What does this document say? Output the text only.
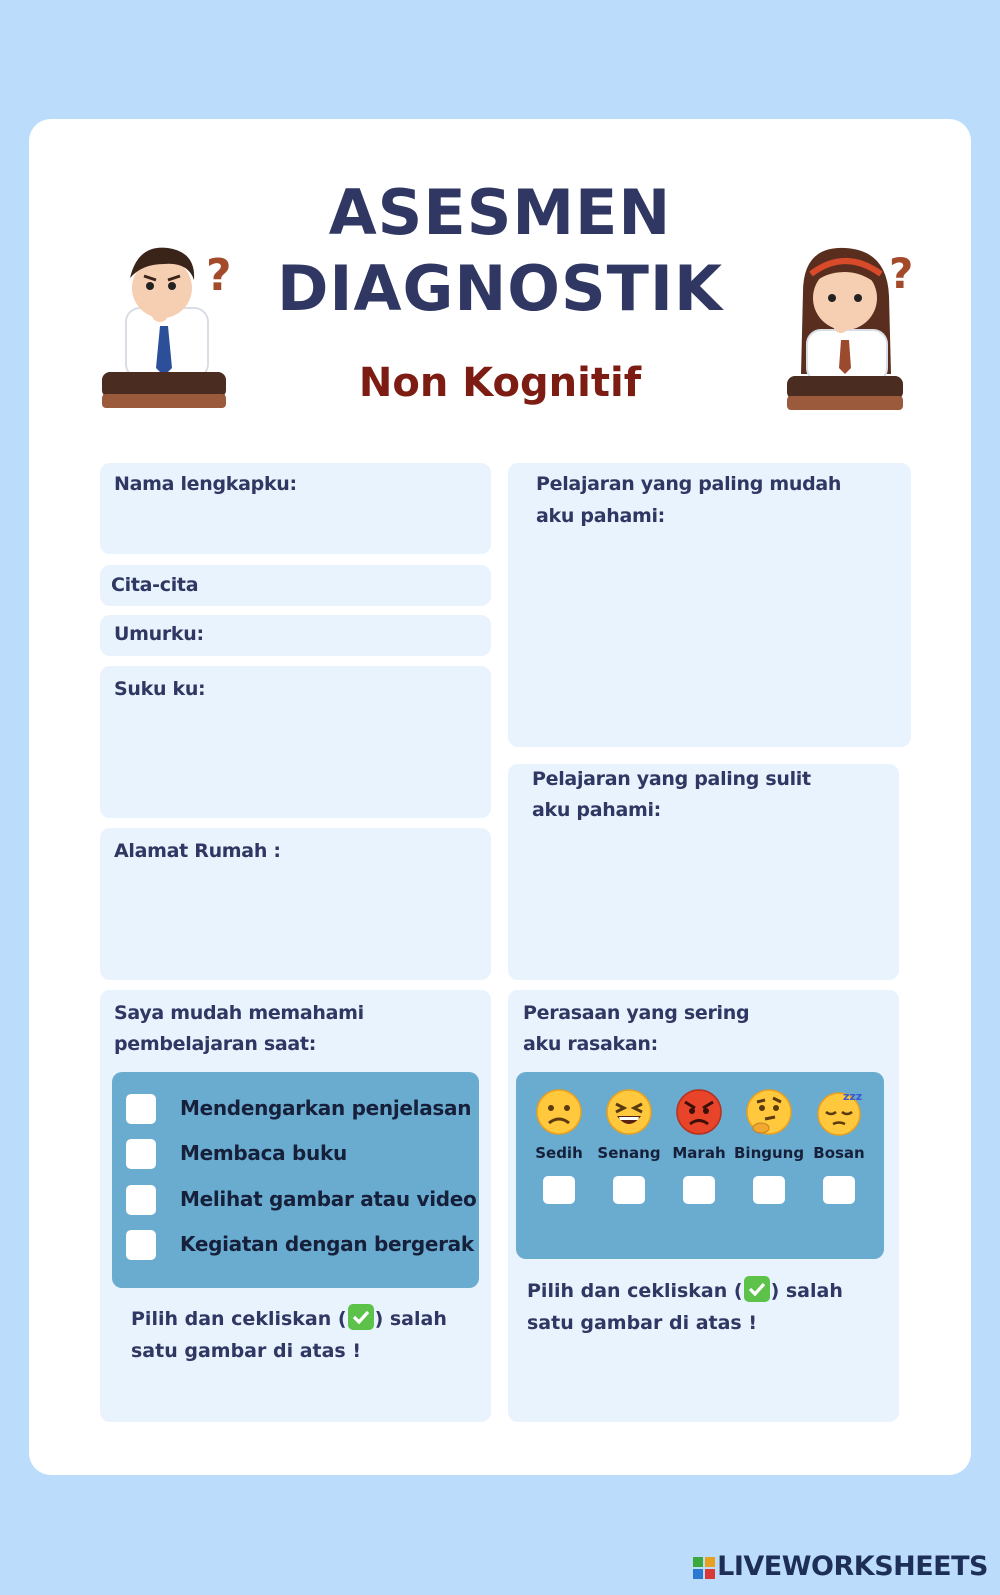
?	?
ASESMEN
DIAGNOSTIK
Non Kognitif
Nama lengkapku:
Cita-cita
Umurku:
Suku ku:
Alamat Rumah :
Pelajaran yang paling mudah
aku pahami:
Pelajaran yang paling sulit
aku pahami:
Saya mudah memahami
pembelajaran saat:
Mendengarkan penjelasan
Membaca buku
Melihat gambar atau video
Kegiatan dengan bergerak
Pilih dan cekliskan ( ) salah
satu gambar di atas !
Perasaan yang sering
aku rasakan:
Sedih Senang Marah Bingung
zzz
Bosan
Pilih dan cekliskan ( ) salah
satu gambar di atas !
LIVEWORKSHEETS
